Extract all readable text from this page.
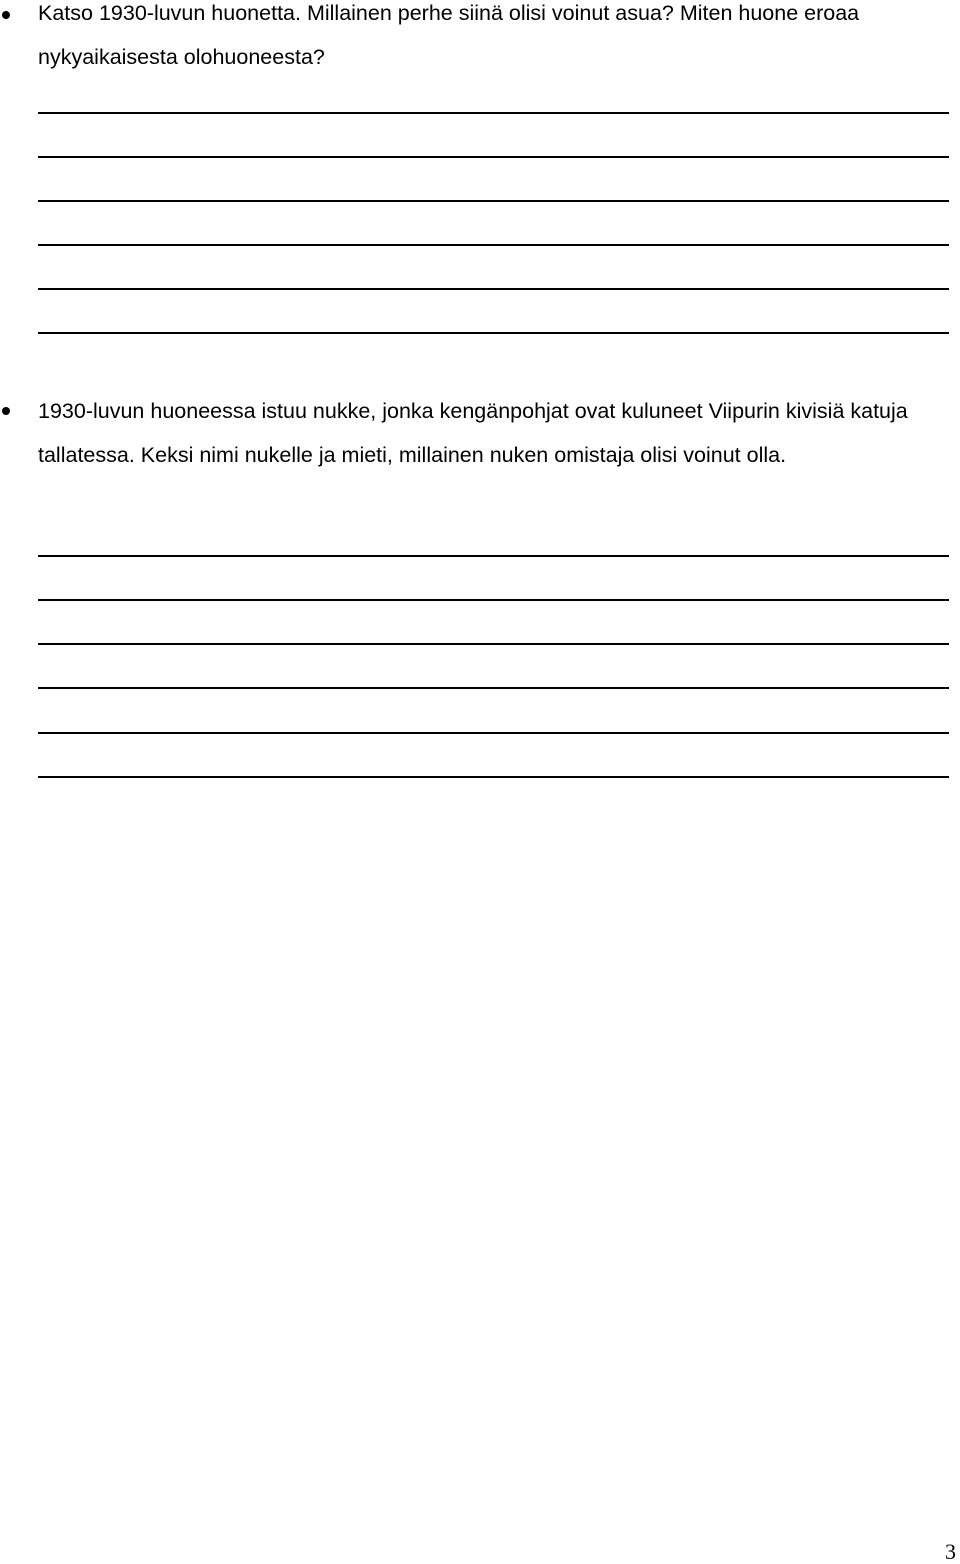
Katso 1930-luvun huonetta. Millainen perhe siinä olisi voinut asua? Miten huone eroaa nykyaikaisesta olohuoneesta?
1930-luvun huoneessa istuu nukke, jonka kengänpohjat ovat kuluneet Viipurin kivisiä katuja tallatessa. Keksi nimi nukelle ja mieti, millainen nuken omistaja olisi voinut olla.
3
